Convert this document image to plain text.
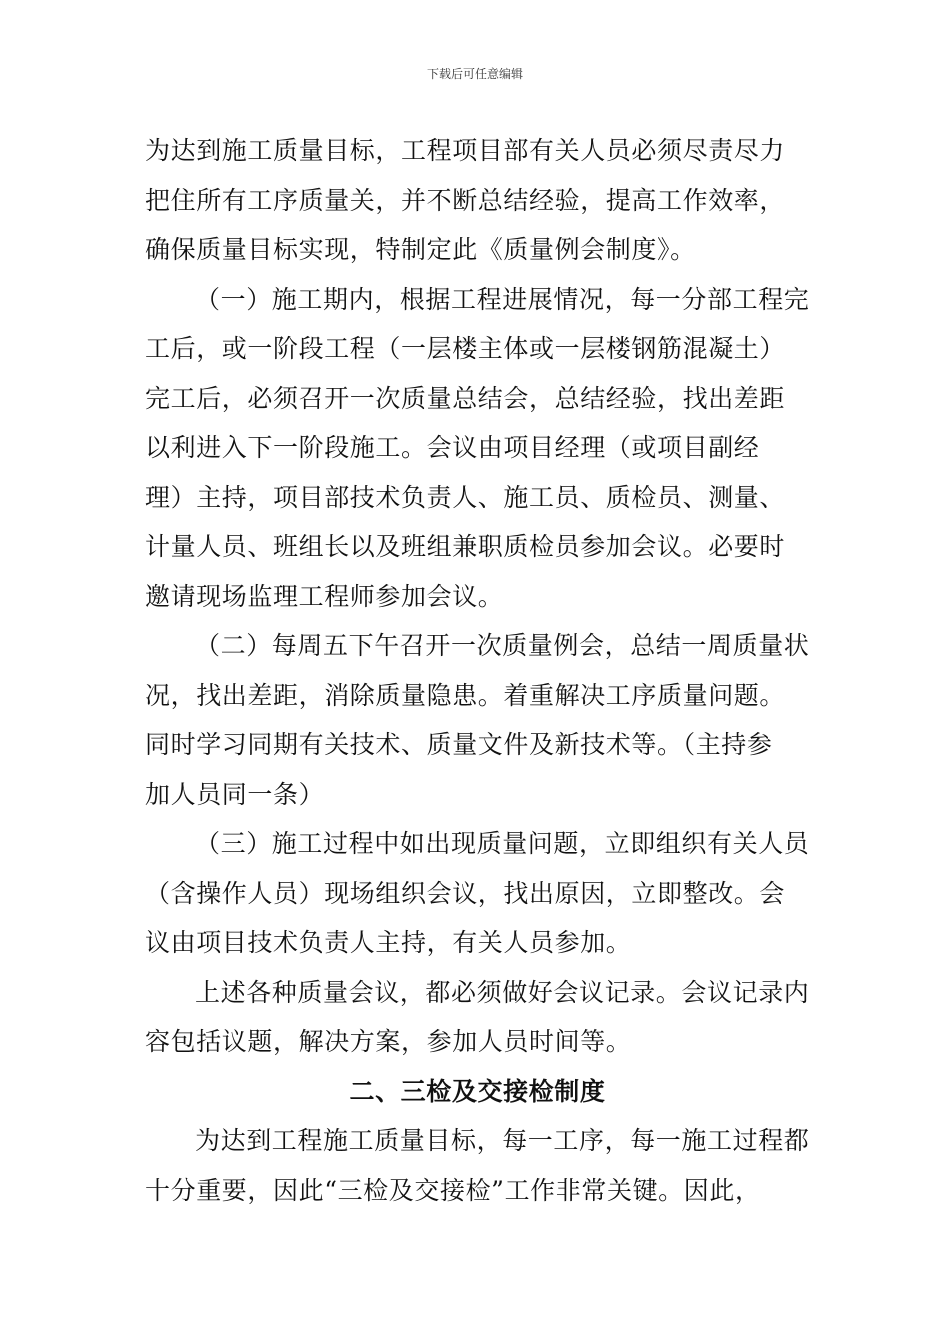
下载后可任意编辑
为达到施工质量目标，工程项目部有关人员必须尽责尽力
把住所有工序质量关，并不断总结经验，提高工作效率，
确保质量目标实现，特制定此《质量例会制度》。
（一）施工期内，根据工程进展情况，每一分部工程完
工后，或一阶段工程（一层楼主体或一层楼钢筋混凝土）
完工后，必须召开一次质量总结会，总结经验，找出差距
以利进入下一阶段施工。会议由项目经理（或项目副经
理）主持，项目部技术负责人、施工员、质检员、测量、
计量人员、班组长以及班组兼职质检员参加会议。必要时
邀请现场监理工程师参加会议。
（二）每周五下午召开一次质量例会，总结一周质量状
况，找出差距，消除质量隐患。着重解决工序质量问题。
同时学习同期有关技术、质量文件及新技术等。（主持参
加人员同一条）
（三）施工过程中如出现质量问题，立即组织有关人员
（含操作人员）现场组织会议，找出原因，立即整改。会
议由项目技术负责人主持，有关人员参加。
上述各种质量会议，都必须做好会议记录。会议记录内
容包括议题，解决方案，参加人员时间等。
二、三检及交接检制度
为达到工程施工质量目标，每一工序，每一施工过程都
十分重要，因此“三检及交接检”工作非常关键。因此，
